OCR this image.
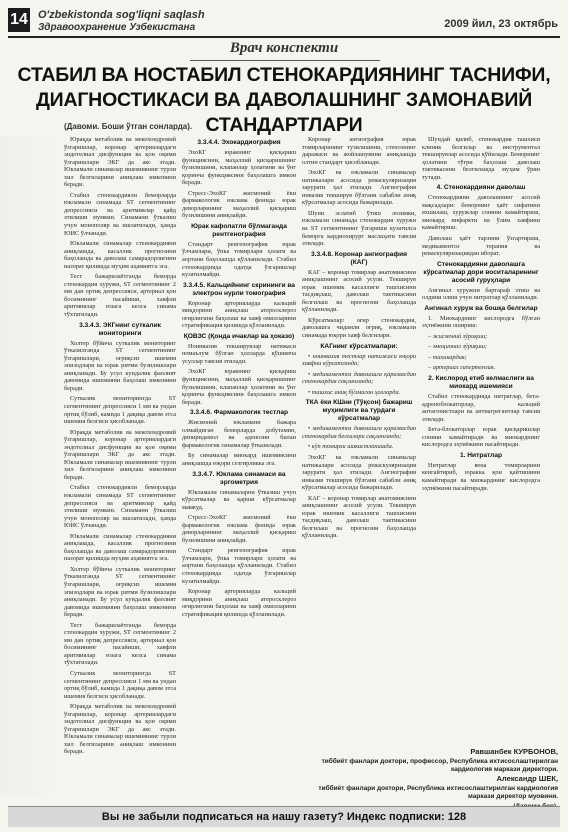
14 O'zbekistonda sog'liqni saqlash
Здравоохранение Узбекистана	2009 йил, 23 октябрь
Врач конспекти
СТАБИЛ ВА НОСТАБИЛ СТЕНОКАРДИЯНИНГ ТАСНИФИ,
ДИАГНОСТИКАСИ ВА ДАВОЛАШНИНГ ЗАМОНАВИЙ СТАНДАРТЛАРИ
(Давоми. Боши ўтган сонларда).

Юрақда метаболик ва мекохондровий ўзгаришлар, коронар артериялардаги эндотелиал дисфункция ва қон оқими ўзгаришлари ЭКГ да акс этади. Юкламали синамалар ишемиянинг турли хил белгиларини аниқлаш имконини беради.

Стабил стенокардияли беморларда юкламали синамада ST сегментининг депрессияси ва аритмиялар қайд этилиши мумкин. Синамани ўтказиш учун монополяр ва ишлатилади, ҳамда ЮИС ўлчанади.

Юкламали синамалар стенокардияни аниқлашда, касаллик прогнозини баҳолашда ва даволаш самарадорлигини назорат қилишда муҳим аҳамиятга эга.

Тест бажарилаётганда беморда стенокардия хуружи, ST сегментининг 2 мм дан ортиқ депрессияси, артериал қон босимининг пасайиши, хавфли аритмиялар юзага келса синама тўхтатилади.

3.3.4.3. ЭКГнинг суткалик мониторинги

Холтер бўйича суткалик мониторинг ўтказилганда ST сегментининг ўзгаришлари, оғриқсиз ишемия эпизодлари ва юрак ритми бузилишлари аниқланади. Бу усул кундалик фаолият давомида ишемияни баҳолаш имконини беради.

Суткалик мониторингда ST сегментининг депрессияси 1 мм ва ундан ортиқ бўлиб, камида 1 дақиқа давом этса ишемия белгиси ҳисобланади.

Юрақда метаболик ва мекохондровий ўзгаришлар, коронар артериялардаги эндотелиал дисфункция ва қон оқими ўзгаришлари ЭКГ да акс этади. Юкламали синамалар ишемиянинг турли хил белгиларини аниқлаш имконини беради.

Стабил стенокардияли беморларда юкламали синамада ST сегментининг депрессияси ва аритмиялар қайд этилиши мумкин. Синамани ўтказиш учун монополяр ва ишлатилади, ҳамда ЮИС ўлчанади.

Юкламали синамалар стенокардияни аниқлашда, касаллик прогнозини баҳолашда ва даволаш самарадорлигини назорат қилишда муҳим аҳамиятга эга.

Холтер бўйича суткалик мониторинг ўтказилганда ST сегментининг ўзгаришлари, оғриқсиз ишемия эпизодлари ва юрак ритми бузилишлари аниқланади. Бу усул кундалик фаолият давомида ишемияни баҳолаш имконини беради.

Тест бажарилаётганда беморда стенокардия хуружи, ST сегментининг 2 мм дан ортиқ депрессияси, артериал қон босимининг пасайиши, хавфли аритмиялар юзага келса синама тўхтатилади.

Суткалик мониторингда ST сегментининг депрессияси 1 мм ва ундан ортиқ бўлиб, камида 1 дақиқа давом этса ишемия белгиси ҳисобланади.

Юрақда метаболик ва мекохондровий ўзгаришлар, коронар артериялардаги эндотелиал дисфункция ва қон оқими ўзгаришлари ЭКГ да акс этади. Юкламали синамалар ишемиянинг турли хил белгиларини аниқлаш имконини беради.

3.3.4.4. Эхокардиография

ЭхоКГ юракнинг қисқариш функциясини, маҳаллий қисқаришнинг бузилишини, клапанлар ҳолатини ва ўнг қоринча функциясини баҳолашга имкон беради.

Стресс-ЭхоКГ жисмоний ёки фармакологик юклама фонида юрак деворларининг маҳаллий қисқариш бузилишини аниқлайди.

Юрак кафолатли бўлмаганда рентгенография

Стандарт ренгенография юрак ўлчамлари, ўпка томирлари ҳолати ва аортани баҳолашда қўлланилади. Стабил стенокардияда одатда ўзгаришлар кузатилмайди.

3.3.4.5. Кальцийнинг скрининги ва электрон нурли томография

Коронар артерияларда кальций миқдорини аниқлаш атеросклероз оғирлигини баҳолаш ва хавф омилларини стратификация қилишда қўлланилади.

ҚОВЗС (Қонда ичаклар ва ҳоказо)

Ноинвазив текширувлар натижаси номаълум бўлган ҳолларда қўшимча усуллар тавсия этилади.

ЭхоКГ юракнинг қисқариш функциясини, маҳаллий қисқаришнинг бузилишини, клапанлар ҳолатини ва ўнг қоринча функциясини баҳолашга имкон беради.

3.3.4.6. Фармакологик тестлар

Жисмоний юкламани бажара олмайдиган беморларда добутамин, дипиридамол ва аденозин билан фармакологик синамалар ўтказилади.

Бу синамалар миокард ишемиясини аниқлашда юқори сезгирликка эга.

3.3.4.7. Юклама синамаси ва эргометрия

Юкламали синамаларни ўтказиш учун кўрсатмалар ва қарши кўрсатмалар мавжуд.

Стресс-ЭхоКГ жисмоний ёки фармакологик юклама фонида юрак деворларининг маҳаллий қисқариш бузилишини аниқлайди.

Стандарт ренгенография юрак ўлчамлари, ўпка томирлари ҳолати ва аортани баҳолашда қўлланилади. Стабил стенокардияда одатда ўзгаришлар кузатилмайди.

Коронар артерияларда кальций миқдорини аниқлаш атеросклероз оғирлигини баҳолаш ва хавф омилларини стратификация қилишда қўлланилади.

Коронар ангиография юрак томирларининг тузилишини, стенознинг даражаси ва жойлашувини аниқлашда олтин стандарт ҳисобланади.

ЭхоКГ ва юкламали синамалар натижалари асосида реваскуляризация зарурати ҳал этилади. Ангиография инвазив текширув бўлгани сабабли аниқ кўрсатмалар асосида бажарилади.

Шуни эслатиб ўтиш лозимки, юкламали синамада стенокардия хуружи ва ST сегментининг ўзгариши кузатилса беморга кардиохирург маслаҳати тавсия этилади.

3.3.4.8. Коронар ангиография (КАГ)

КАГ – коронар томирлар анатомиясини аниқлашнинг асосий усули. Текширув юрак ишемик касаллиги ташхисини тасдиқлаш, даволаш тактикасини белгилаш ва прогнозни баҳолашда қўлланилади.

Кўрсатмалар: оғир стенокардия, даволашга чидамли оғриқ, юкламали синамада юқори хавф белгилари.

КАГнинг кўрсатмалари:

• ноинвазив тестлар натижаси юқори хавфни кўрсатганда;

• медикаментоз даволашга қарамасдан стенокардия сақланганда;

• ташхис аниқ бўлмаган ҳолларда.

ТКА ёки КШни (Тўқсон) бажариш муҳимлиги ва турдаги кўрсатмалар

• медикаментоз даволашга қарамасдан стенокардия белгилари сақланганда;

• кўп томирли шикастланишда.

ЭхоКГ ва юкламали синамалар натижалари асосида реваскуляризация зарурати ҳал этилади. Ангиография инвазив текширув бўлгани сабабли аниқ кўрсатмалар асосида бажарилади.

КАГ – коронар томирлар анатомиясини аниқлашнинг асосий усули. Текширув юрак ишемик касаллиги ташхисини тасдиқлаш, даволаш тактикасини белгилаш ва прогнозни баҳолашда қўлланилади.

Шундай қилиб, стенокардия ташхиси клиник белгилар ва инструментал текширувлар асосида қўйилади. Беморнинг ҳолатини тўғри баҳолаш даволаш тактикасини белгилашда муҳим ўрин тутади.

4. Стенокардияни даволаш

Стенокардияни даволашнинг асосий мақсадлари: беморнинг ҳаёт сифатини яхшилаш, хуружлар сонини камайтириш, миокард инфаркти ва ўлим хавфини камайтириш.

Даволаш ҳаёт тарзини ўзгартириш, медикаментоз терапия ва реваскуляризациядан иборат.

Стенокардияни даволашга кўрсатмалар дори воситаларининг асосий гуруҳлари

Ангинал хуружни бартараф этиш ва олдини олиш учун нитратлар қўлланилади.

Ангинал хуруж ва бошқа белгилар

1. Миокарднинг кислородга бўлган эҳтиёжини ошириш:

– жисмоний зўриқиш;

– эмоционал зўриқиш;

– тахикардия;

– артериал гипертензия.

2. Кислород етиб келмаслиги ва миокард ишемияси

Стабил стенокардияда нитратлар, бета-адреноблокаторлар, кальций антагонистлари ва антиагрегантлар тавсия этилади.

Бета-блокаторлар юрак қисқаришлар сонини камайтиради ва миокарднинг кислородга эҳтиёжини пасайтиради.

1. Нитратлар

Нитратлар вена томирларини кенгайтириб, юракка қон қайтишини камайтиради ва миокарднинг кислородга эҳтиёжини пасайтиради.

Равшанбек КУРБОНОВ,

тиббиёт фанлари доктори, профессор, Республика ихтисослаштирилган кардиология маркази директори.

Александр ШЕК,

тиббиёт фанлари доктори, Республика ихтисослаштирилган кардиология маркази директор муовини.

Вы не забыли подписаться на нашу газету? Индекс подписки: 128
